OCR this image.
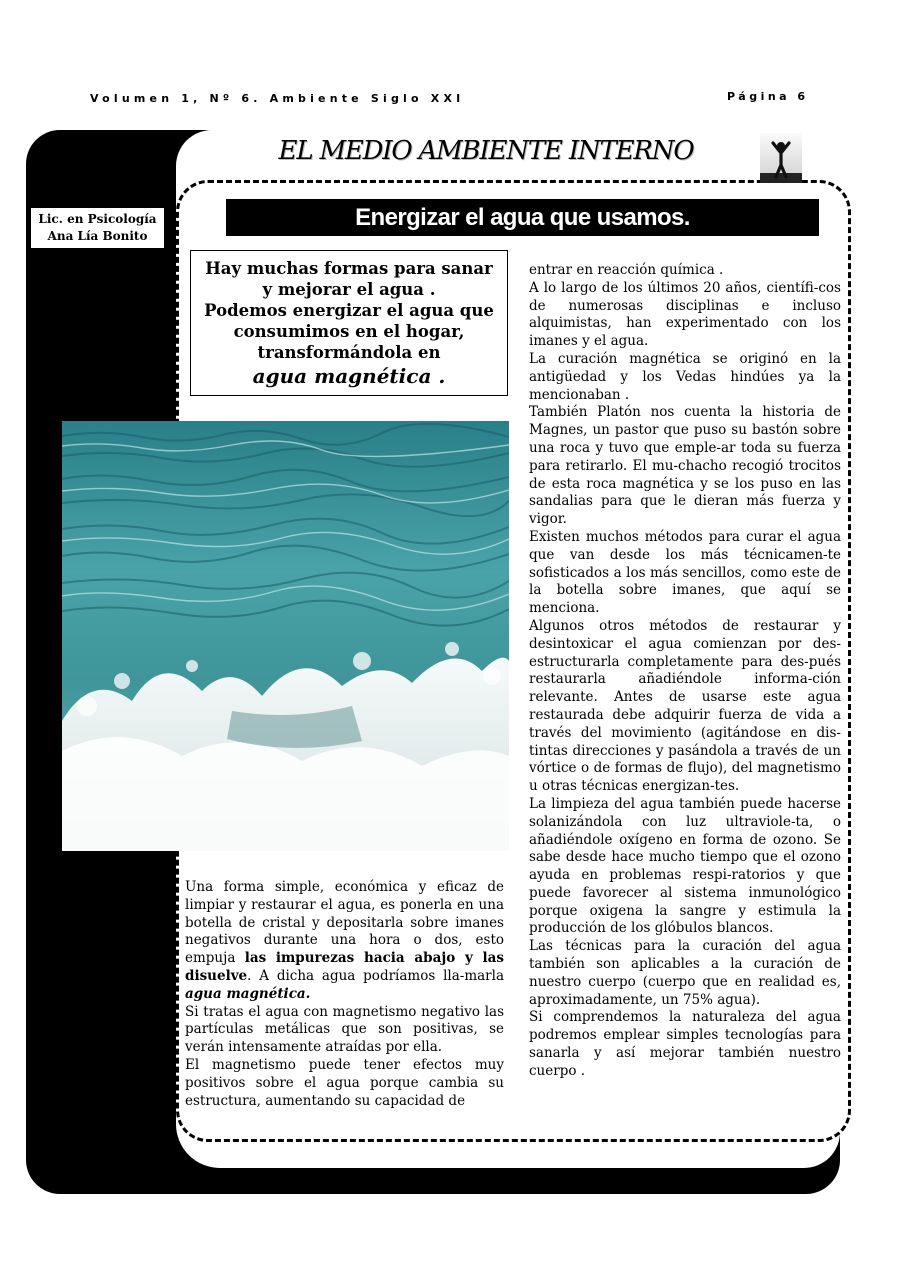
Volumen 1, Nº 6. Ambiente Siglo XXI	Página 6
Lic. en Psicología
Ana Lía Bonito
EL MEDIO AMBIENTE INTERNO
Energizar el agua que usamos.
Hay muchas formas para sanar
y mejorar el agua .
Podemos energizar el agua que
consumimos en el hogar,
transformándola en
agua magnética .

Una forma simple, económica y eficaz de limpiar y restaurar el agua, es ponerla en una botella de cristal y depositarla sobre imanes negativos durante una hora o dos, esto empuja las impurezas hacia abajo y las disuelve. A dicha agua podríamos lla-marla agua magnética.

Si tratas el agua con magnetismo negativo las partículas metálicas que son positivas, se verán intensamente atraídas por ella.

El magnetismo puede tener efectos muy positivos sobre el agua porque cambia su estructura, aumentando su capacidad de

entrar en reacción química .

A lo largo de los últimos 20 años, científi-cos de numerosas disciplinas e incluso alquimistas, han experimentado con los imanes y el agua.

La curación magnética se originó en la antigüedad y los Vedas hindúes ya la mencionaban .

También Platón nos cuenta la historia de Magnes, un pastor que puso su bastón sobre una roca y tuvo que emple-ar toda su fuerza para retirarlo. El mu-chacho recogió trocitos de esta roca magnética y se los puso en las sandalias para que le dieran más fuerza y vigor.

Existen muchos métodos para curar el agua que van desde los más técnicamen-te sofisticados a los más sencillos, como este de la botella sobre imanes, que aquí se menciona.

Algunos otros métodos de restaurar y desintoxicar el agua comienzan por des-estructurarla completamente para des-pués restaurarla añadiéndole informa-ción relevante. Antes de usarse este agua restaurada debe adquirir fuerza de vida a través del movimiento (agitándose en dis-tintas direcciones y pasándola a través de un vórtice o de formas de flujo), del magnetismo u otras técnicas energizan-tes.

La limpieza del agua también puede hacerse solanizándola con luz ultraviole-ta, o añadiéndole oxígeno en forma de ozono. Se sabe desde hace mucho tiempo que el ozono ayuda en problemas respi-ratorios y que puede favorecer al sistema inmunológico porque oxigena la sangre y estimula la producción de los glóbulos blancos.

Las técnicas para la curación del agua también son aplicables a la curación de nuestro cuerpo (cuerpo que en realidad es, aproximadamente, un 75% agua).

Si comprendemos la naturaleza del agua podremos emplear simples tecnologías para sanarla y así mejorar también nuestro cuerpo .
